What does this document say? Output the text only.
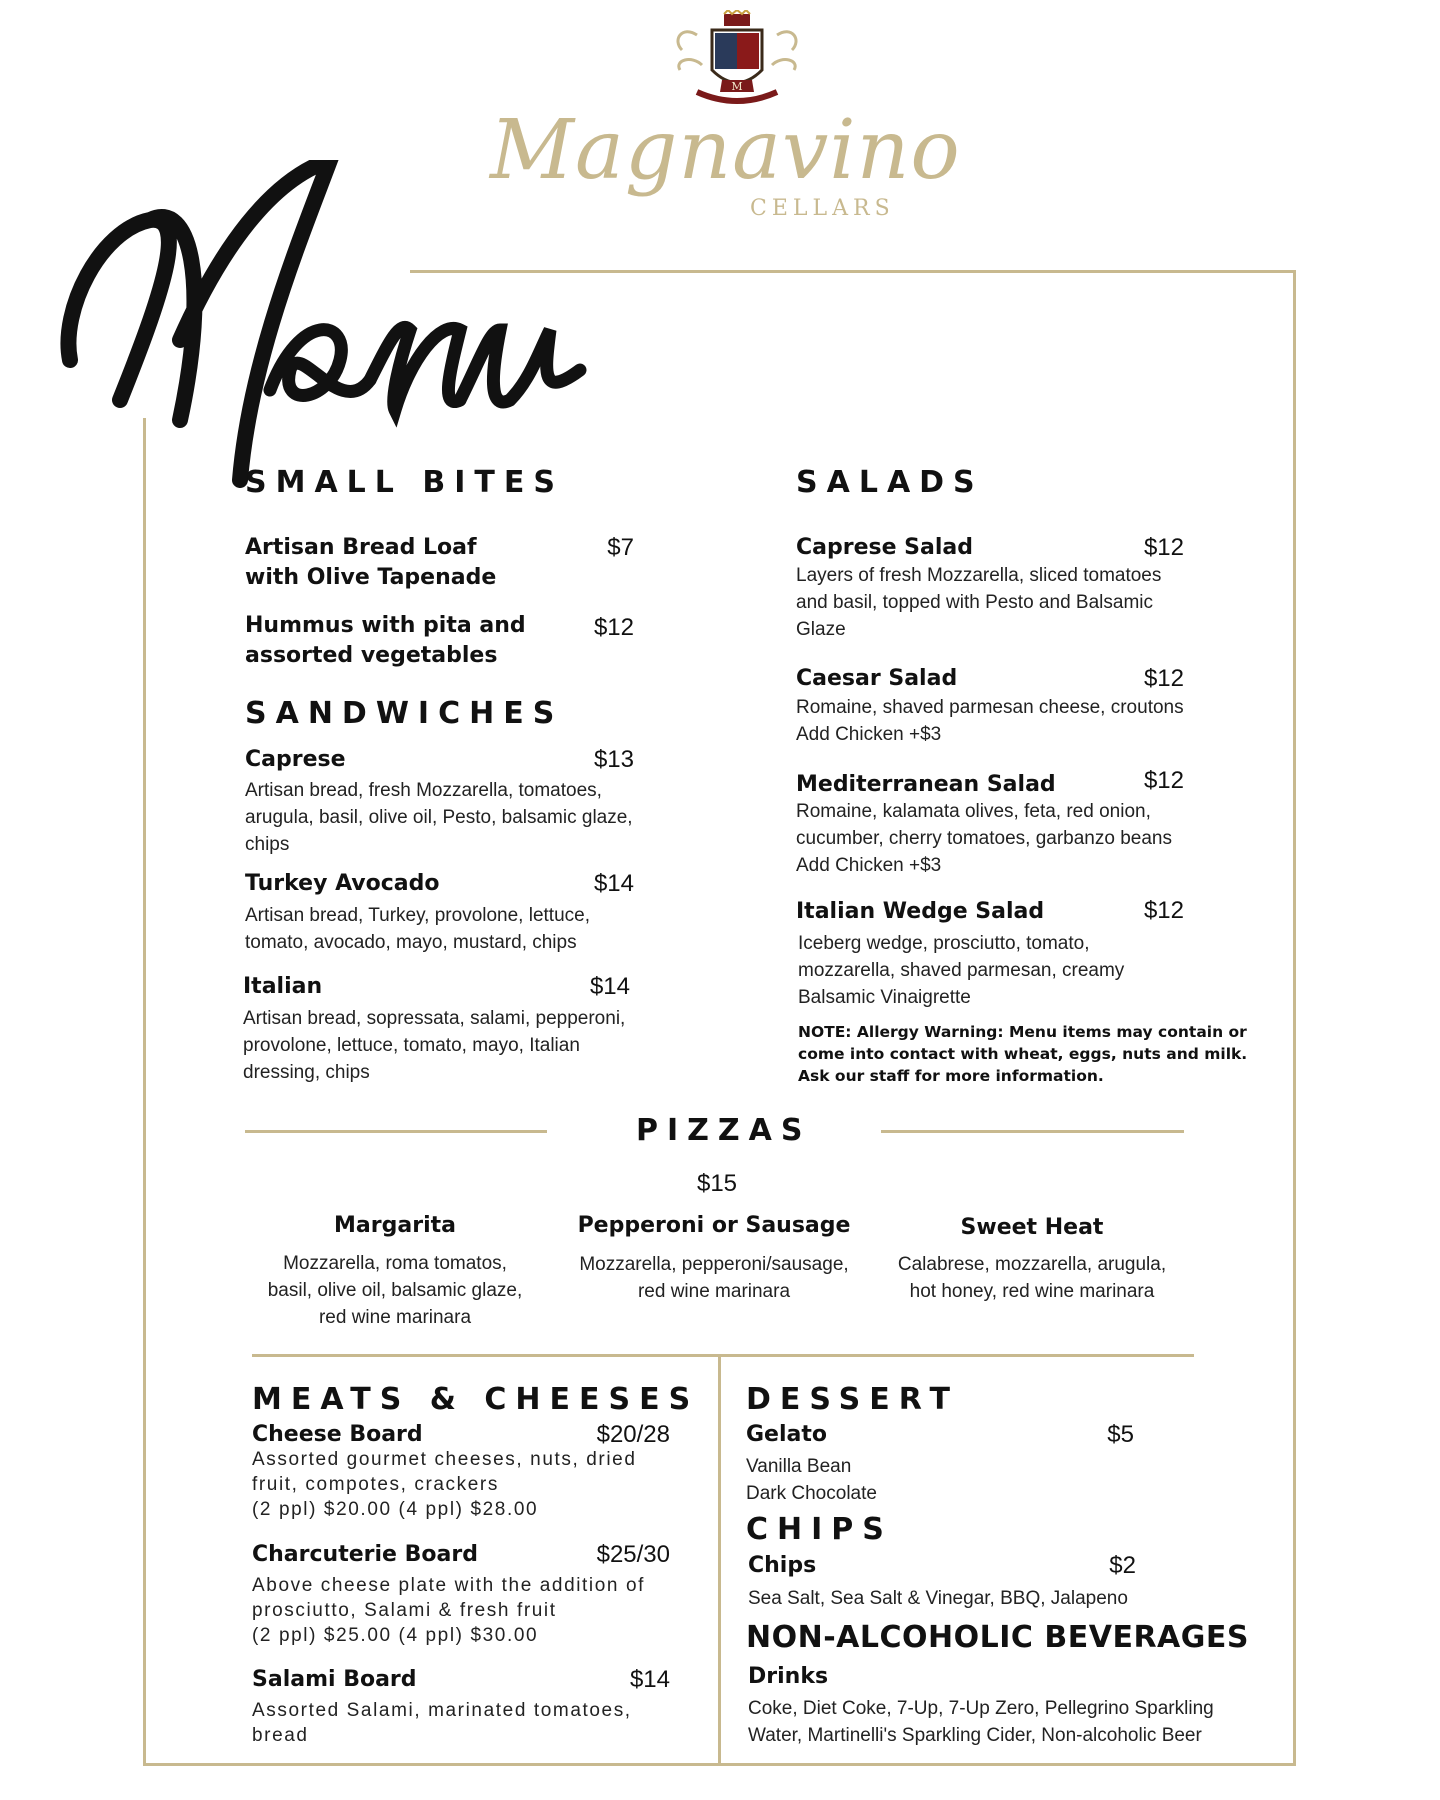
M
Magnavino
CELLARS
SMALL BITES
Artisan Bread Loaf
with Olive Tapenade
$7
Hummus with pita and
assorted vegetables
$12
SANDWICHES
Caprese	$13
Artisan bread, fresh Mozzarella, tomatoes,
arugula, basil, olive oil, Pesto, balsamic glaze,
chips
Turkey Avocado	$14
Artisan bread, Turkey, provolone, lettuce,
tomato, avocado, mayo, mustard, chips
Italian	$14
Artisan bread, sopressata, salami, pepperoni,
provolone, lettuce, tomato, mayo, Italian
dressing, chips
SALADS
Caprese Salad	$12
Layers of fresh Mozzarella, sliced tomatoes
and basil, topped with Pesto and Balsamic
Glaze
Caesar Salad	$12
Romaine, shaved parmesan cheese, croutons
Add Chicken +$3
Mediterranean Salad	$12
Romaine, kalamata olives, feta, red onion,
cucumber, cherry tomatoes, garbanzo beans
Add Chicken +$3
Italian Wedge Salad	$12
Iceberg wedge, prosciutto, tomato,
mozzarella, shaved parmesan, creamy
Balsamic Vinaigrette
NOTE: Allergy Warning: Menu items may contain or
come into contact with wheat, eggs, nuts and milk.
Ask our staff for more information.
PIZZAS
$15
Margarita
Mozzarella, roma tomatos,
basil, olive oil, balsamic glaze,
red wine marinara
Pepperoni or Sausage
Mozzarella, pepperoni/sausage,
red wine marinara
Sweet Heat
Calabrese, mozzarella, arugula,
hot honey, red wine marinara
MEATS & CHEESES
Cheese Board	$20/28
Assorted gourmet cheeses, nuts, dried
fruit, compotes, crackers
(2 ppl) $20.00 (4 ppl) $28.00
Charcuterie Board	$25/30
Above cheese plate with the addition of
prosciutto, Salami & fresh fruit
(2 ppl) $25.00 (4 ppl) $30.00
Salami Board	$14
Assorted Salami, marinated tomatoes,
bread
DESSERT
Gelato	$5
Vanilla Bean
Dark Chocolate
CHIPS
Chips	$2
Sea Salt, Sea Salt & Vinegar, BBQ, Jalapeno
NON-ALCOHOLIC BEVERAGES
Drinks
Coke, Diet Coke, 7-Up, 7-Up Zero, Pellegrino Sparkling
Water, Martinelli's Sparkling Cider, Non-alcoholic Beer
